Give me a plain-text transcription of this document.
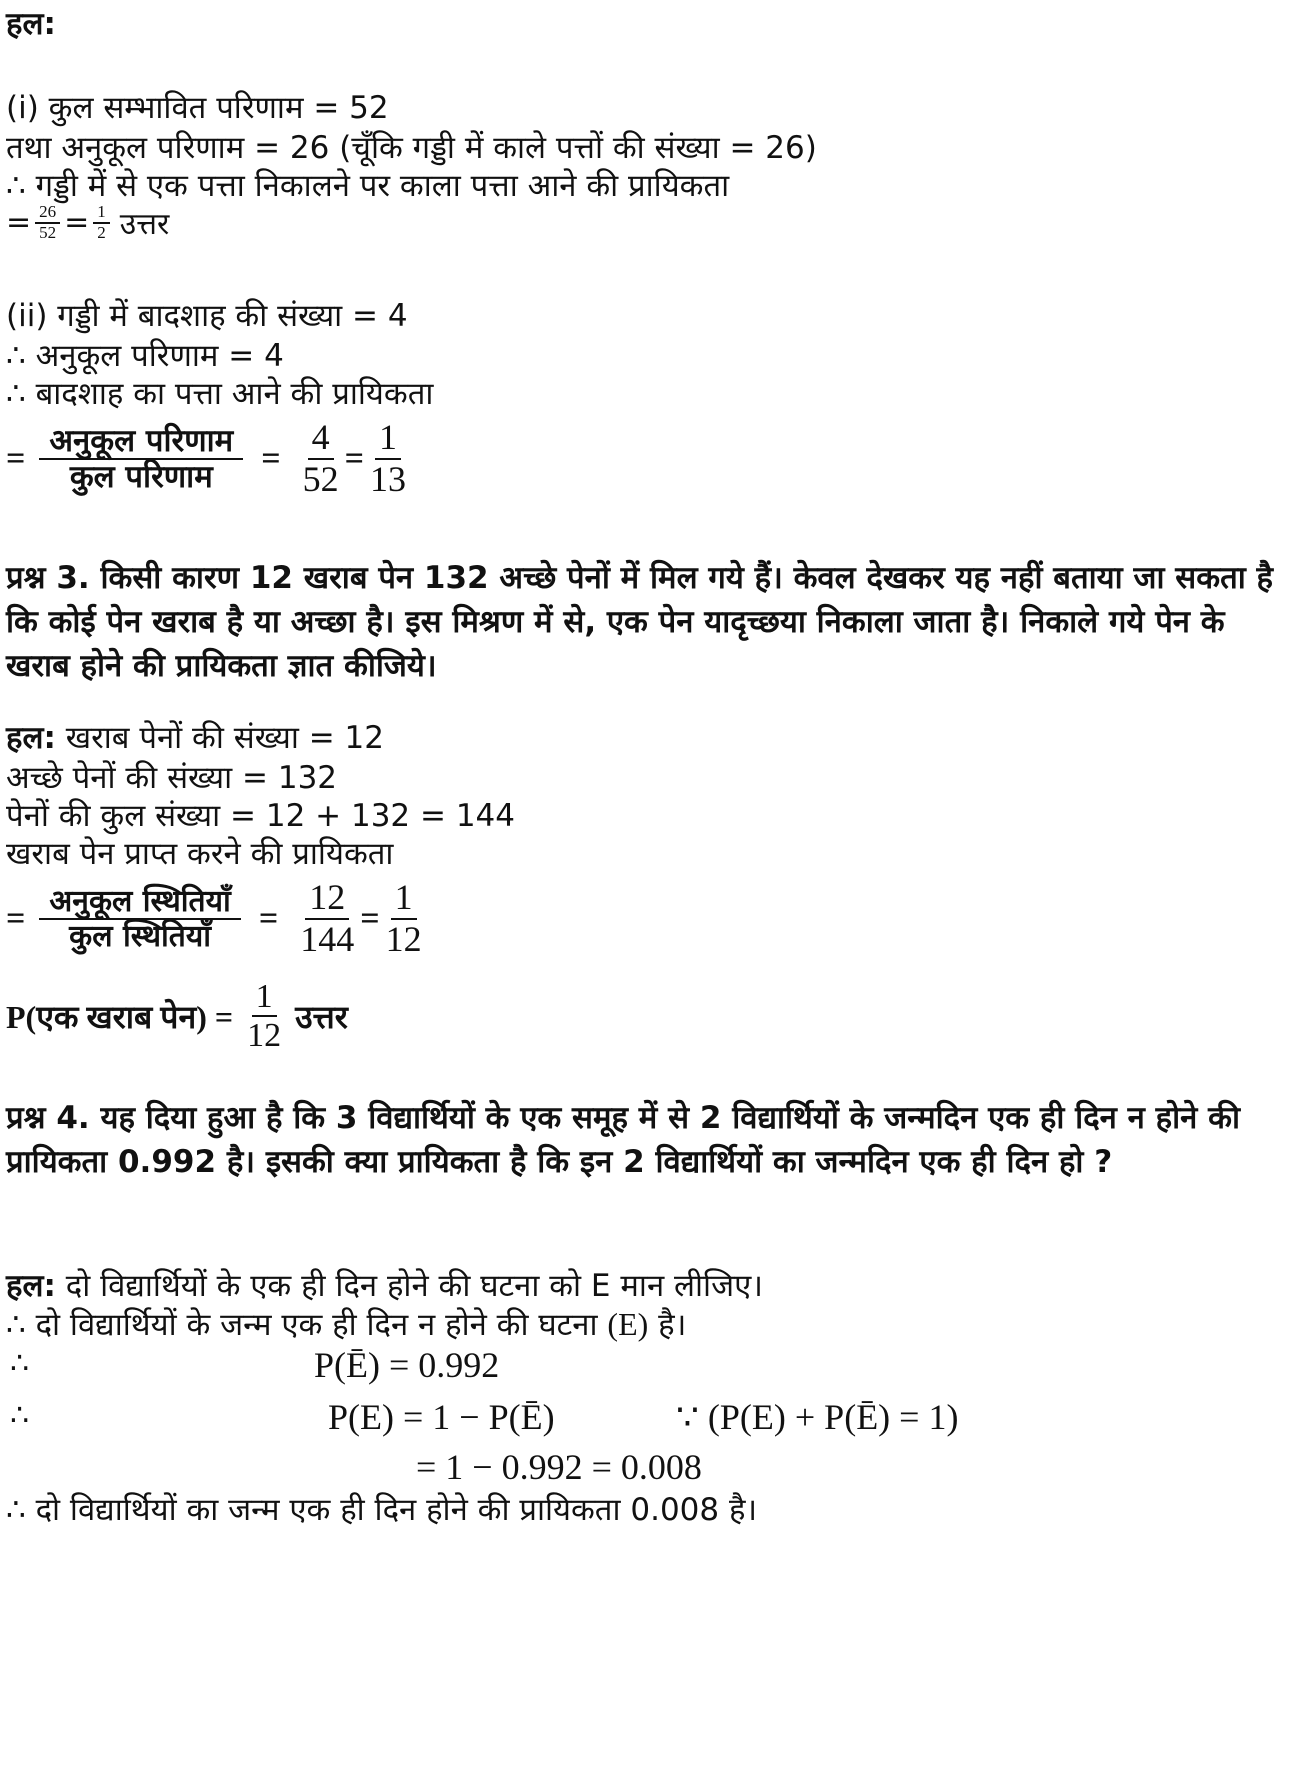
हल:
(i) कुल सम्भावित परिणाम = 52
तथा अनुकूल परिणाम = 26 (चूँकि गड्डी में काले पत्तों की संख्या = 26)
∴ गड्डी में से एक पत्ता निकालने पर काला पत्ता आने की प्रायिकता
= $\frac{26}{52} = \frac{1}{2}$ उत्तर
(ii) गड्डी में बादशाह की संख्या = 4
∴ अनुकूल परिणाम = 4
∴ बादशाह का पत्ता आने की प्रायिकता
= $\frac{\text{अनुकूल परिणाम}}{\text{कुल परिणाम}} = \frac{4}{52} = \frac{1}{13}$
प्रश्न 3. किसी कारण 12 खराब पेन 132 अच्छे पेनों में मिल गये हैं। केवल देखकर यह नहीं बताया जा सकता है कि कोई पेन खराब है या अच्छा है। इस मिश्रण में से, एक पेन यादृच्छया निकाला जाता है। निकाले गये पेन के खराब होने की प्रायिकता ज्ञात कीजिये।
हल: खराब पेनों की संख्या = 12
अच्छे पेनों की संख्या = 132
पेनों की कुल संख्या = 12 + 132 = 144
खराब पेन प्राप्त करने की प्रायिकता
= $\frac{\text{अनुकूल स्थितियाँ}}{\text{कुल स्थितियाँ}} = \frac{12}{144} = \frac{1}{12}$
P(एक खराब पेन) = $\frac{1}{12}$ उत्तर
प्रश्न 4. यह दिया हुआ है कि 3 विद्यार्थियों के एक समूह में से 2 विद्यार्थियों के जन्मदिन एक ही दिन न होने की प्रायिकता 0.992 है। इसकी क्या प्रायिकता है कि इन 2 विद्यार्थियों का जन्मदिन एक ही दिन हो ?
हल: दो विद्यार्थियों के एक ही दिन होने की घटना को E मान लीजिए।
∴ दो विद्यार्थियों के जन्म एक ही दिन न होने की घटना (E) है।
∴	P(Ē) = 0.992
∴	P(E) = 1 − P(Ē)	∵ (P(E) + P(Ē) = 1)
= 1 − 0.992 = 0.008
∴ दो विद्यार्थियों का जन्म एक ही दिन होने की प्रायिकता 0.008 है।
